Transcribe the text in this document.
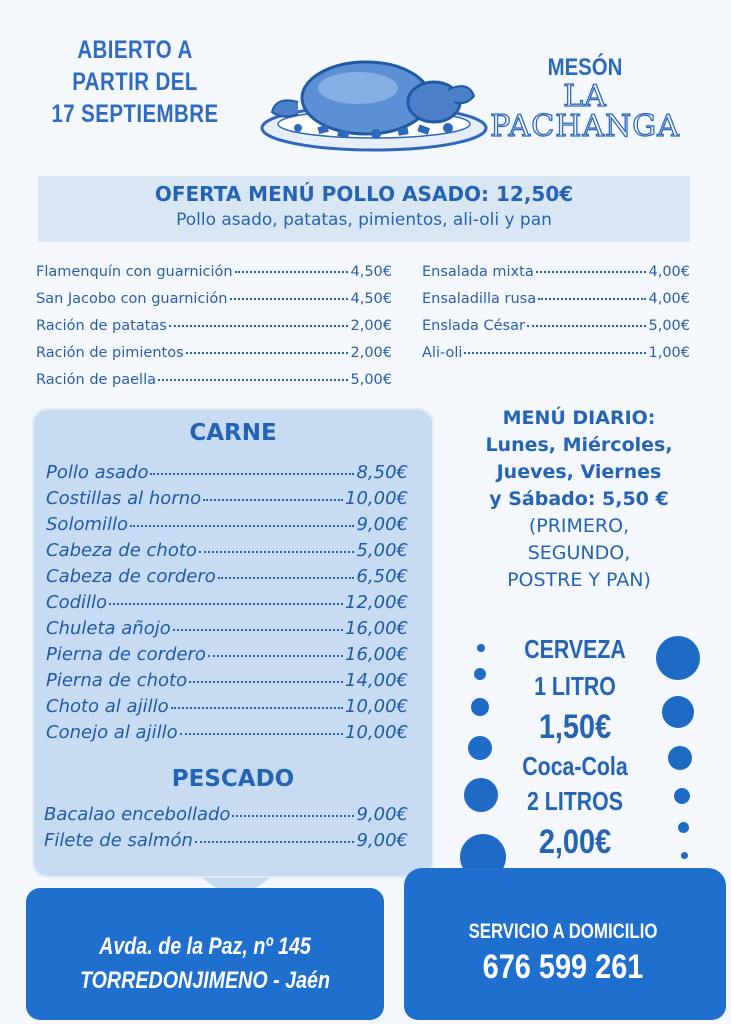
ABIERTO A
PARTIR DEL
17 SEPTIEMBRE
MESÓN
LA
PACHANGA
OFERTA MENÚ POLLO ASADO: 12,50€
Pollo asado, patatas, pimientos, ali-oli y pan
Flamenquín con guarnición	4,50€
San Jacobo con guarnición	4,50€
Ración de patatas	2,00€
Ración de pimientos	2,00€
Ración de paella	5,00€
Ensalada mixta	4,00€
Ensaladilla rusa	4,00€
Enslada César	5,00€
Ali-oli	1,00€
CARNE
Pollo asado	8,50€
Costillas al horno	10,00€
Solomillo	9,00€
Cabeza de choto	5,00€
Cabeza de cordero	6,50€
Codillo	12,00€
Chuleta añojo	16,00€
Pierna de cordero	16,00€
Pierna de choto	14,00€
Choto al ajillo	10,00€
Conejo al ajillo	10,00€
PESCADO
Bacalao encebollado	9,00€
Filete de salmón	9,00€
MENÚ DIARIO:
Lunes, Miércoles,
Jueves, Viernes
y Sábado: 5,50 €
(PRIMERO,
SEGUNDO,
POSTRE Y PAN)
CERVEZA
1 LITRO
1,50€
Coca-Cola
2 LITROS
2,00€
Avda. de la Paz, nº 145
TORREDONJIMENO - Jaén
SERVICIO A DOMICILIO
676 599 261
